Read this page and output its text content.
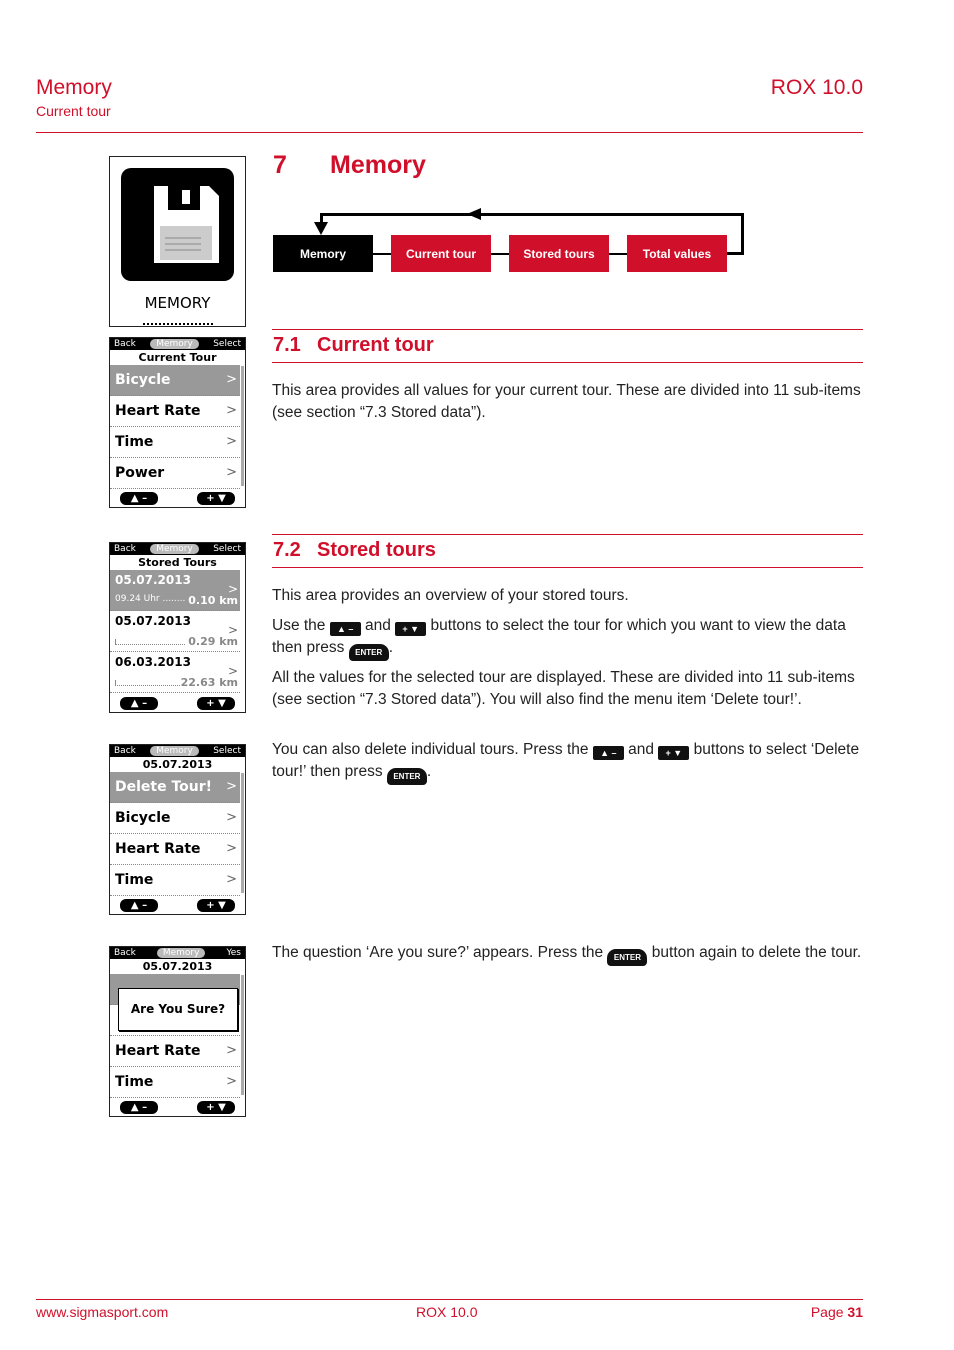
Memory
Current tour
ROX 10.0
MEMORY
7 Memory
Memory	Current tour	Stored tours	Total values
7.1 Current tour
This area provides all values for your current tour. These are divided into 11 sub-items (see section “7.3 Stored data”).
7.2 Stored tours
This area provides an overview of your stored tours.
Use the ▲ – and + ▼ buttons to select the tour for which you want to view the data then press ENTER .
All the values for the selected tour are displayed. These are divided into 11 sub-items (see section “7.3 Stored data”). You will also find the menu item ‘Delete tour!’.
You can also delete individual tours. Press the ▲ – and + ▼ buttons to select ‘Delete tour!’ then press ENTER .
The question ‘Are you sure?’ appears. Press the ENTER button again to delete the tour.
Back	Memory	Select
Current Tour
Bicycle	>
Heart Rate >
Time	>
Power	>
▲ –	+ ▼
Back	Memory	Select
Stored Tours
05.07.2013
09.24 Uhr ........ 0.10 km
>
05.07.2013
0.29 km
>
06.03.2013
22.63 km
>
▲ –	+ ▼
Back	Memory	Select
05.07.2013
Delete Tour! >
Bicycle	>
Heart Rate >
Time	>
▲ –	+ ▼
Back	Memory	Yes
05.07.2013
Heart Rate >
Time	>
Are You Sure?
▲ –	+ ▼
www.sigmasport.com	ROX 10.0	Page 31
